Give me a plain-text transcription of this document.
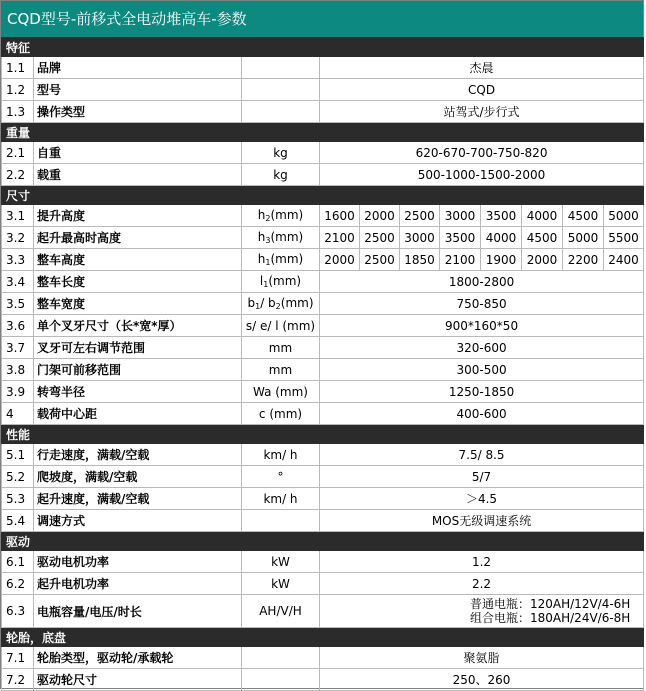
CQD型号-前移式全电动堆高车-参数
特征										
1.1	品牌		杰晨							
1.2	型号		CQD							
1.3	操作类型		站驾式/步行式							
重量										
2.1	自重	kg	620-670-700-750-820							
2.2	载重	kg	500-1000-1500-2000							
尺寸										
3.1	提升高度	$h_2(mm)$	1600	2000	2500	3000	3500	4000	4500	5000
3.2	起升最高时高度	$h_3(mm)$	2100	2500	3000	3500	4000	4500	5000	5500
3.3	整车高度	$h_1(mm)$	2000	2500	1850	2100	1900	2000	2200	2400
3.4	整车长度	$l_1(mm)$	1800-2800							
3.5	整车宽度	$b_1/$ $b_2(mm)$	750-850							
3.6	单个叉牙尺寸（长*宽*厚）	s/ e/ l (mm)	900*160*50							
3.7	叉牙可左右调节范围	mm	320-600							
3.8	门架可前移范围	mm	300-500							
3.9	转弯半径	Wa (mm)	1250-1850							
4	载荷中心距	c (mm)	400-600							
性能										
5.1	行走速度，满载/空载	km/ h	7.5/ 8.5							
5.2	爬坡度，满载/空载	°	5/7							
5.3	起升速度，满载/空载	km/ h	＞4.5							
5.4	调速方式		MOS无级调速系统							
驱动										
6.1	驱动电机功率	kW	1.2							
6.2	起升电机功率	kW	2.2							
6.3	电瓶容量/电压/时长	AH/V/H	普通电瓶：120AH/12V/4-6H
组合电瓶：180AH/24V/6-8H							

轮胎，底盘										
7.1	轮胎类型，驱动轮/承载轮		聚氨脂							
7.2	驱动轮尺寸		250、260							
